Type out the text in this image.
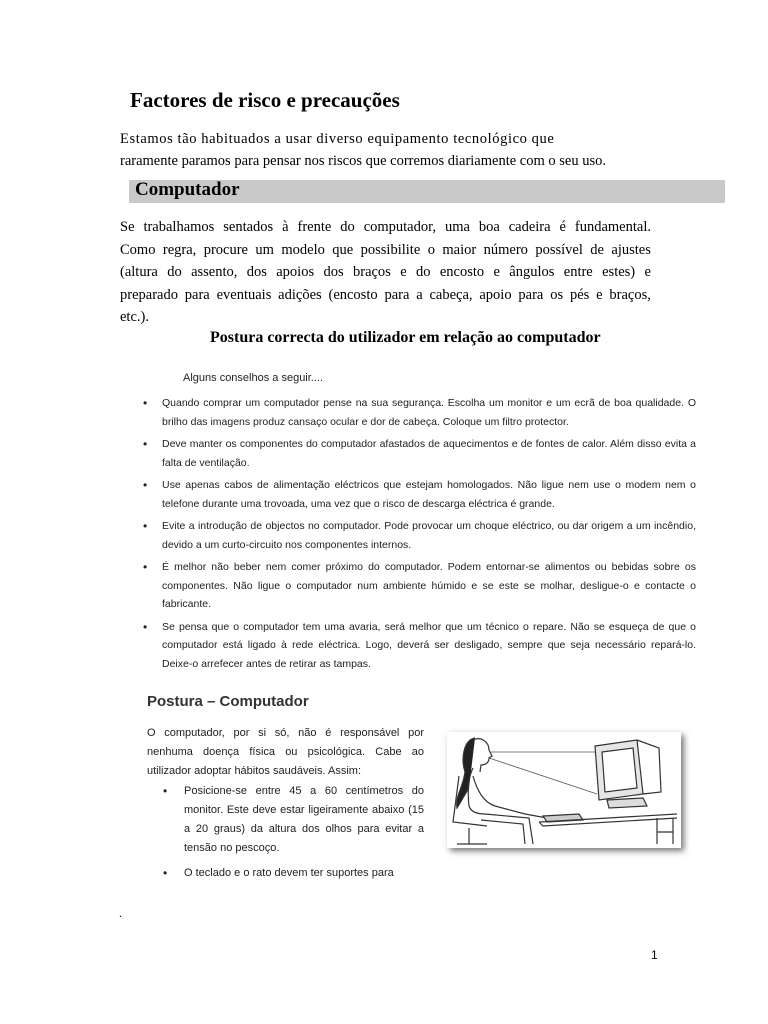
Factores de risco e precauções
Estamos tão habituados a usar diverso equipamento tecnológico que
raramente paramos para pensar nos riscos que corremos diariamente com o seu uso.
Computador
Se trabalhamos sentados à frente do computador, uma boa cadeira é fundamental.
Como regra, procure um modelo que possibilite o maior número possível de ajustes
(altura do assento, dos apoios dos braços e do encosto e ângulos entre estes) e
preparado para eventuais adições (encosto para a cabeça, apoio para os pés e braços,
etc.).
Postura correcta do utilizador em relação ao computador
Alguns conselhos a seguir....
• Quando comprar um computador pense na sua segurança. Escolha um monitor e um ecrã de boa qualidade. O brilho das imagens produz cansaço ocular e dor de cabeça. Coloque um filtro protector.
• Deve manter os componentes do computador afastados de aquecimentos e de fontes de calor. Além disso evita a falta de ventilação.
• Use apenas cabos de alimentação eléctricos que estejam homologados. Não ligue nem use o modem nem o telefone durante uma trovoada, uma vez que o risco de descarga eléctrica é grande.
• Evite a introdução de objectos no computador. Pode provocar um choque eléctrico, ou dar origem a um incêndio, devido a um curto-circuito nos componentes internos.
• É melhor não beber nem comer próximo do computador. Podem entornar-se alimentos ou bebidas sobre os componentes. Não ligue o computador num ambiente húmido e se este se molhar, desligue-o e contacte o fabricante.
• Se pensa que o computador tem uma avaria, será melhor que um técnico o repare. Não se esqueça de que o computador está ligado à rede eléctrica. Logo, deverá ser desligado, sempre que seja necessário repará-lo. Deixe-o arrefecer antes de retirar as tampas.
Postura – Computador
O computador, por si só, não é responsável por nenhuma doença física ou psicológica. Cabe ao utilizador adoptar hábitos saudáveis. Assim:
• Posicione-se entre 45 a 60 centímetros do monitor. Este deve estar ligeiramente abaixo (15 a 20 graus) da altura dos olhos para evitar a tensão no pescoço.
• O teclado e o rato devem ter suportes para
.
1
